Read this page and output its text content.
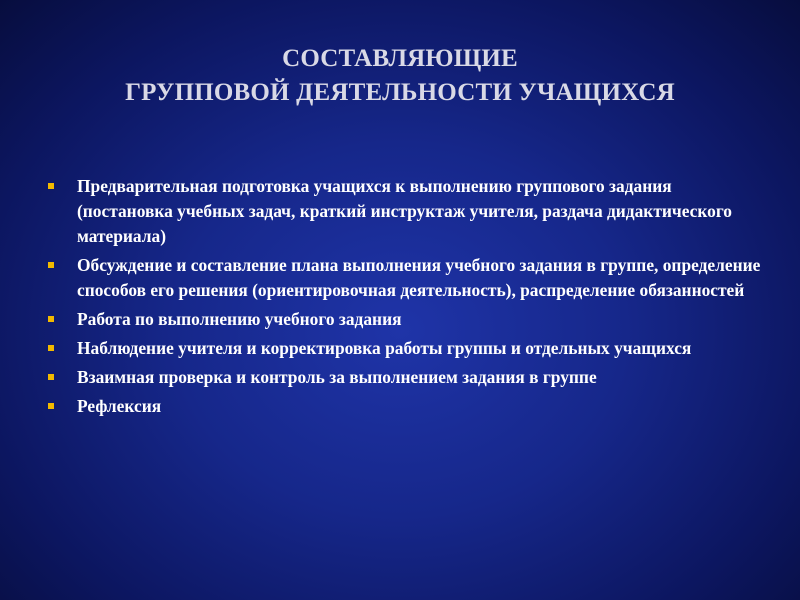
СОСТАВЛЯЮЩИЕ
ГРУППОВОЙ ДЕЯТЕЛЬНОСТИ УЧАЩИХСЯ
Предварительная подготовка учащихся к выполнению группового задания (постановка учебных задач, краткий инструктаж учителя, раздача дидактического материала)
Обсуждение и составление плана выполнения учебного задания в группе, определение способов его решения (ориентировочная деятельность), распределение обязанностей
Работа по выполнению учебного задания
Наблюдение учителя и корректировка работы группы и отдельных учащихся
Взаимная проверка и контроль за выполнением задания в группе
Рефлексия
